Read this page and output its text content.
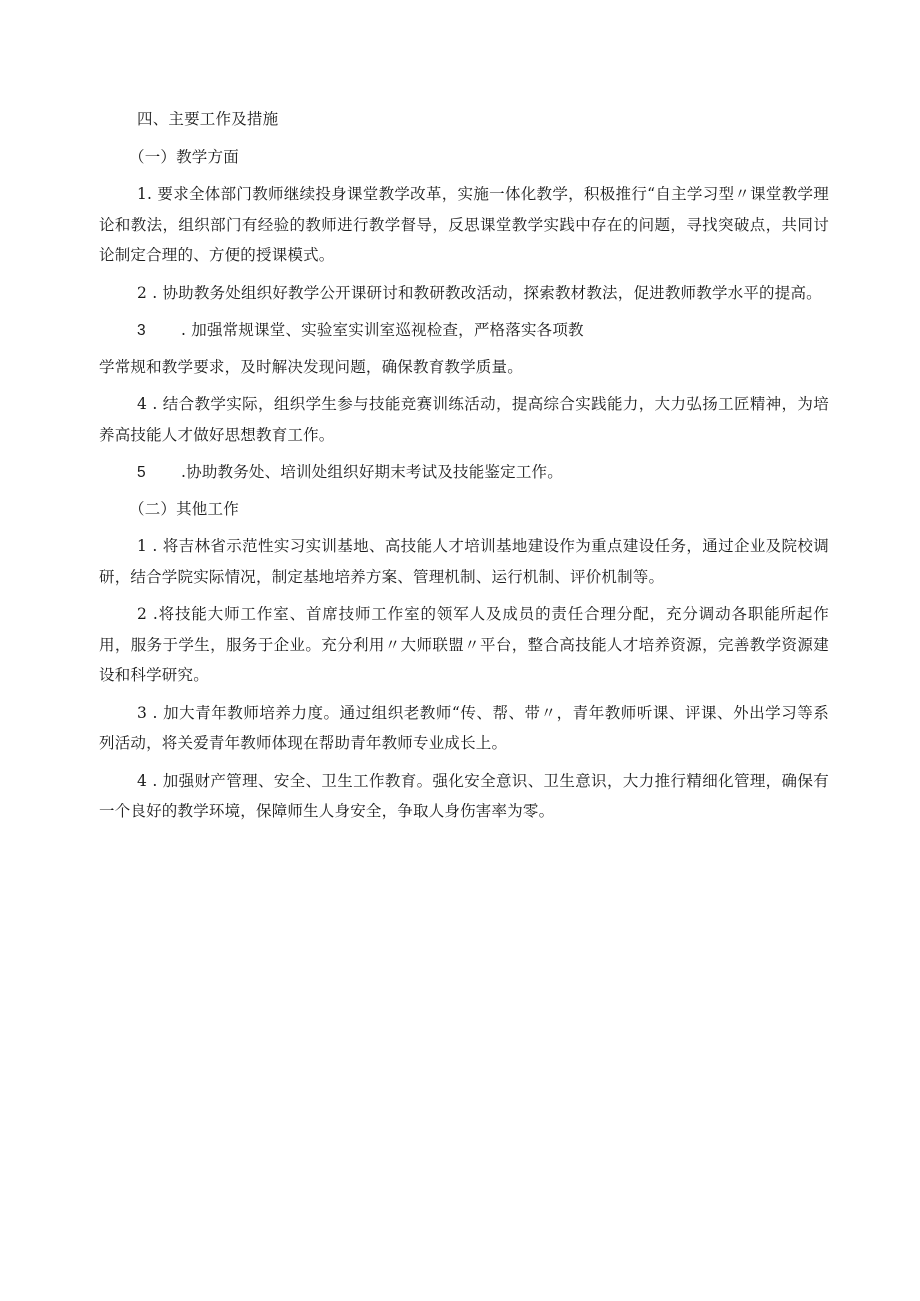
四、主要工作及措施

（一）教学方面

1. 要求全体部门教师继续投身课堂教学改革，实施一体化教学，积极推行“自主学习型〃课堂教学理论和教法，组织部门有经验的教师进行教学督导，反思课堂教学实践中存在的问题，寻找突破点，共同讨论制定合理的、方便的授课模式。

2 . 协助教务处组织好教学公开课研讨和教研教改活动，探索教材教法，促进教师教学水平的提高。

3 . 加强常规课堂、实验室实训室巡视检查，严格落实各项教

学常规和教学要求，及时解决发现问题，确保教育教学质量。

4 . 结合教学实际，组织学生参与技能竞赛训练活动，提高综合实践能力，大力弘扬工匠精神，为培养高技能人才做好思想教育工作。

5 .协助教务处、培训处组织好期末考试及技能鉴定工作。

（二）其他工作

1 . 将吉林省示范性实习实训基地、高技能人才培训基地建设作为重点建设任务，通过企业及院校调研，结合学院实际情况，制定基地培养方案、管理机制、运行机制、评价机制等。

2 .将技能大师工作室、首席技师工作室的领军人及成员的责任合理分配，充分调动各职能所起作用，服务于学生，服务于企业。充分利用〃大师联盟〃平台，整合高技能人才培养资源，完善教学资源建设和科学研究。

3 . 加大青年教师培养力度。通过组织老教师“传、帮、带〃，青年教师听课、评课、外出学习等系列活动，将关爱青年教师体现在帮助青年教师专业成长上。

4 . 加强财产管理、安全、卫生工作教育。强化安全意识、卫生意识，大力推行精细化管理，确保有一个良好的教学环境，保障师生人身安全，争取人身伤害率为零。
